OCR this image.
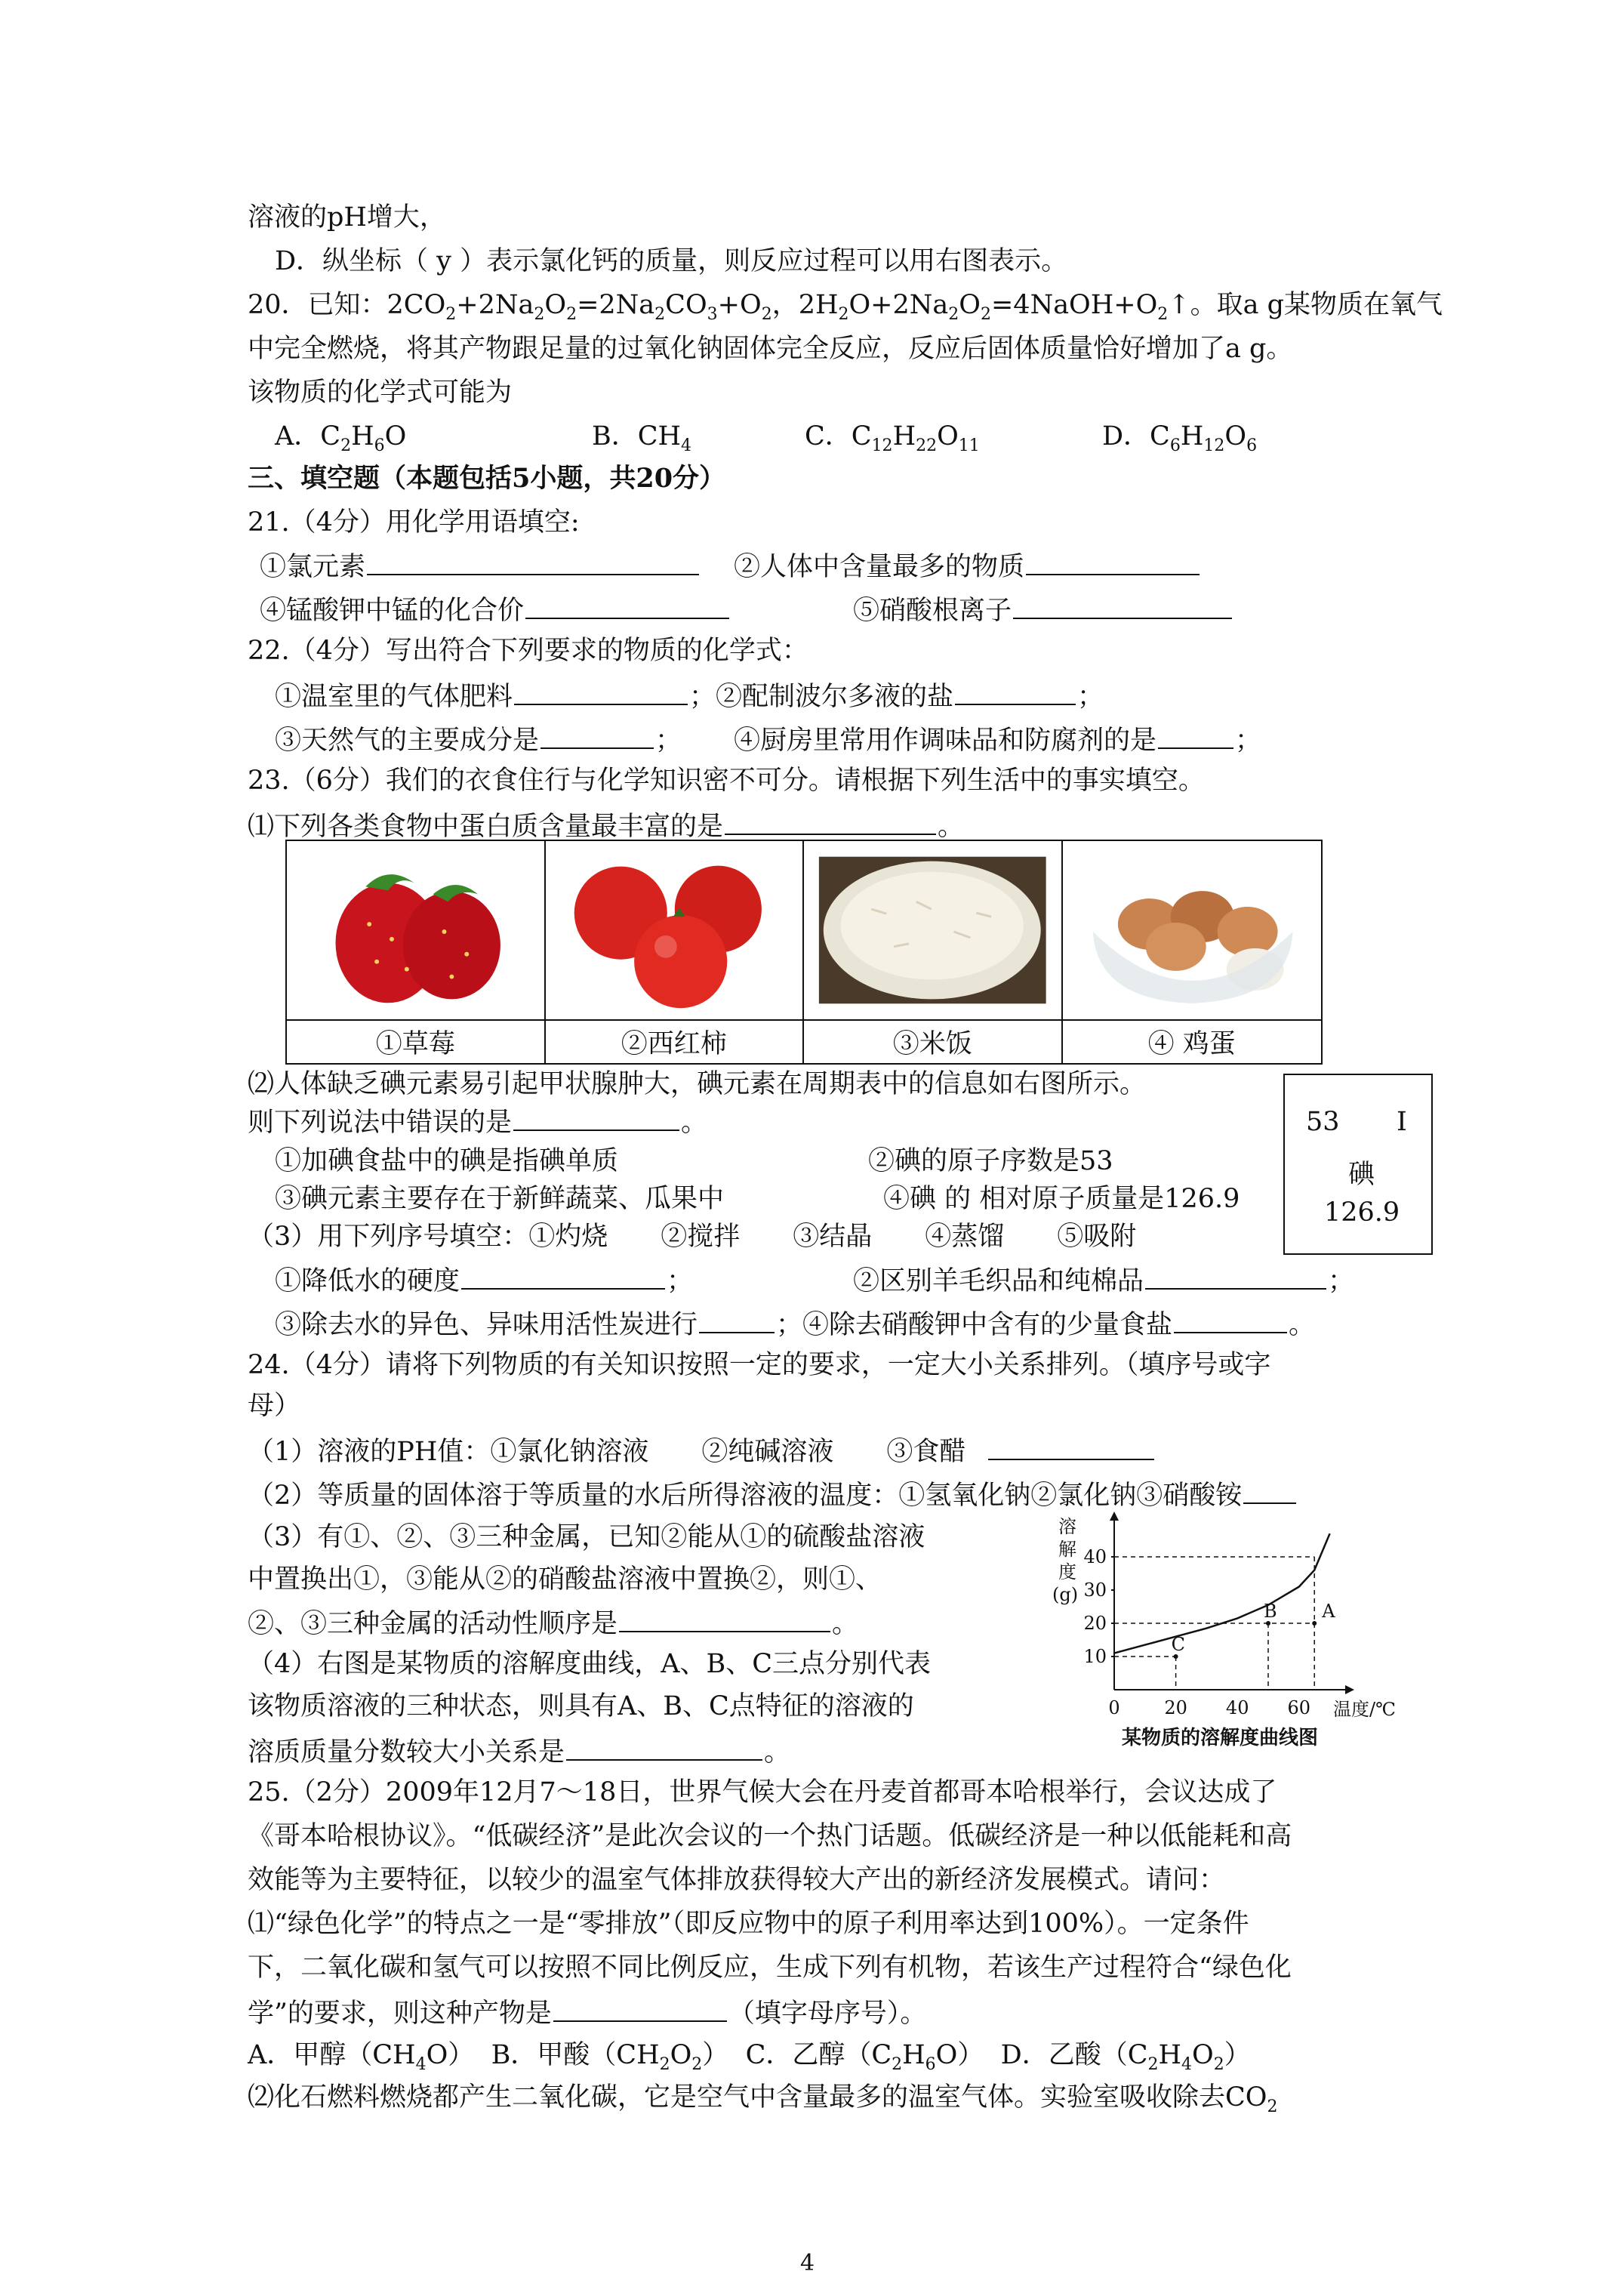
溶液的pH增大，
D．纵坐标（ y ）表示氯化钙的质量，则反应过程可以用右图表示。
20．已知：$2CO_2+2Na_2O_2=2Na_2CO_3+O_2$，$2H_2O+2Na_2O_2=4NaOH+O_2↑$。取a g某物质在氧气
中完全燃烧，将其产物跟足量的过氧化钠固体完全反应，反应后固体质量恰好增加了a g。
该物质的化学式可能为
A．$C_2H_6O$	B．$CH_4$	C．$C_{12}H_{22}O_{11}$	D．$C_6H_{12}O_6$
三、填空题（本题包括5小题，共20分）
21.（4分）用化学用语填空:
①氯元素	②人体中含量最多的物质
④锰酸钾中锰的化合价	⑤硝酸根离子
22.（4分）写出符合下列要求的物质的化学式：
①温室里的气体肥料	；②配制波尔多液的盐	；
③天然气的主要成分是	； ④厨房里常用作调味品和防腐剂的是	；
23.（6分）我们的衣食住行与化学知识密不可分。请根据下列生活中的事实填空。
⑴下列各类食物中蛋白质含量最丰富的是	。
①草莓	②西红柿	③米饭	④ 鸡蛋
⑵人体缺乏碘元素易引起甲状腺肿大，碘元素在周期表中的信息如右图所示。
则下列说法中错误的是	。
①加碘食盐中的碘是指碘单质	②碘的原子序数是53
③碘元素主要存在于新鲜蔬菜、瓜果中	④碘 的 相对原子质量是126.9
53 I
碘
126.9
（3）用下列序号填空：①灼烧　　②搅拌　　③结晶　　④蒸馏　　⑤吸附
①降低水的硬度	；	②区别羊毛织品和纯棉品	；
③除去水的异色、异味用活性炭进行	；④除去硝酸钾中含有的少量食盐	。
24.（4分）请将下列物质的有关知识按照一定的要求，一定大小关系排列。（填序号或字
母）
（1）溶液的PH值：①氯化钠溶液　　②纯碱溶液　　③食醋
（2）等质量的固体溶于等质量的水后所得溶液的温度：①氢氧化钠②氯化钠③硝酸铵
（3）有①、②、③三种金属，已知②能从①的硫酸盐溶液
中置换出①，③能从②的硝酸盐溶液中置换②，则①、
②、③三种金属的活动性顺序是	。
（4）右图是某物质的溶解度曲线，A、B、C三点分别代表
该物质溶液的三种状态，则具有A、B、C点特征的溶液的
溶质质量分数较大小关系是	。
溶解度(g)
10
20
30
40
0 20 40 60 温度/℃
C
B A
某物质的溶解度曲线图
25.（2分）2009年12月7～18日，世界气候大会在丹麦首都哥本哈根举行，会议达成了
《哥本哈根协议》。“低碳经济”是此次会议的一个热门话题。低碳经济是一种以低能耗和高
效能等为主要特征，以较少的温室气体排放获得较大产出的新经济发展模式。请问：
⑴“绿色化学”的特点之一是“零排放”（即反应物中的原子利用率达到100%）。一定条件
下，二氧化碳和氢气可以按照不同比例反应，生成下列有机物，若该生产过程符合“绿色化
学”的要求，则这种产物是	（填字母序号）。
A．甲醇$(CH_4O)$ B．甲酸$(CH_2O_2)$ C．乙醇$(C_2H_6O)$ D．乙酸$(C_2H_4O_2)$
⑵化石燃料燃烧都产生二氧化碳，它是空气中含量最多的温室气体。实验室吸收除去$CO_2$
4
